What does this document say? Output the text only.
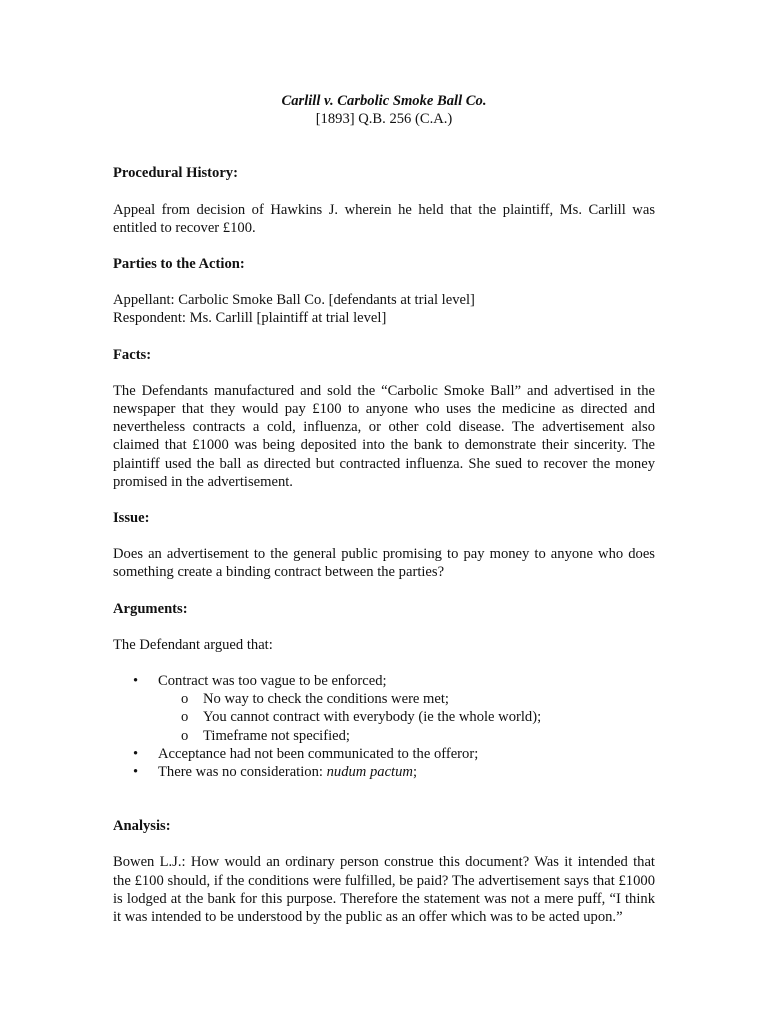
Carlill v. Carbolic Smoke Ball Co.
[1893] Q.B. 256 (C.A.)

Procedural History:

Appeal from decision of Hawkins J. wherein he held that the plaintiff, Ms. Carlill was entitled to recover £100.

Parties to the Action:

Appellant: Carbolic Smoke Ball Co. [defendants at trial level]
Respondent: Ms. Carlill [plaintiff at trial level]

Facts:

The Defendants manufactured and sold the “Carbolic Smoke Ball” and advertised in the newspaper that they would pay £100 to anyone who uses the medicine as directed and nevertheless contracts a cold, influenza, or other cold disease. The advertisement also claimed that £1000 was being deposited into the bank to demonstrate their sincerity. The plaintiff used the ball as directed but contracted influenza. She sued to recover the money promised in the advertisement.

Issue:

Does an advertisement to the general public promising to pay money to anyone who does something create a binding contract between the parties?

Arguments:

The Defendant argued that:

• Contract was too vague to be enforced;
o No way to check the conditions were met;
o You cannot contract with everybody (ie the whole world);
o Timeframe not specified;
• Acceptance had not been communicated to the offeror;
• There was no consideration: nudum pactum;

Analysis:

Bowen L.J.: How would an ordinary person construe this document? Was it intended that the £100 should, if the conditions were fulfilled, be paid? The advertisement says that £1000 is lodged at the bank for this purpose. Therefore the statement was not a mere puff, “I think it was intended to be understood by the public as an offer which was to be acted upon.”
